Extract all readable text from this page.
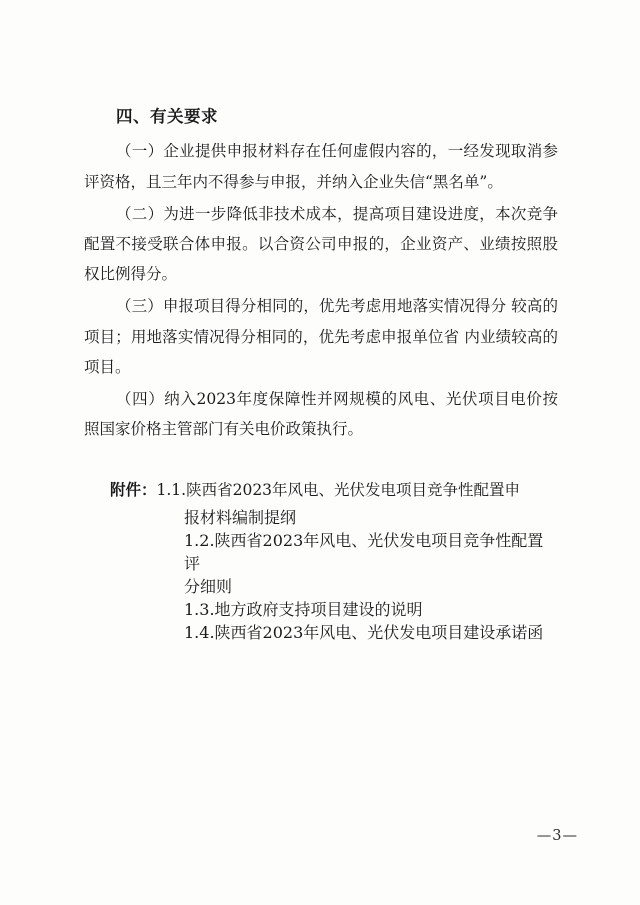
四、有关要求

（一）企业提供申报材料存在任何虚假内容的，一经发现取消参评资格，且三年内不得参与申报，并纳入企业失信“黑名单”。

（二）为进一步降低非技术成本，提高项目建设进度，本次竞争配置不接受联合体申报。以合资公司申报的，企业资产、业绩按照股权比例得分。

（三）申报项目得分相同的，优先考虑用地落实情况得分 较高的项目；用地落实情况得分相同的，优先考虑申报单位省 内业绩较高的项目。

（四）纳入2023年度保障性并网规模的风电、光伏项目电价按照国家价格主管部门有关电价政策执行。

附件： 1.1.陕西省2023年风电、光伏发电项目竞争性配置申
报材料编制提纲
1.2.陕西省2023年风电、光伏发电项目竞争性配置评
分细则
1.3.地方政府支持项目建设的说明
1.4.陕西省2023年风电、光伏发电项目建设承诺函
—3—
